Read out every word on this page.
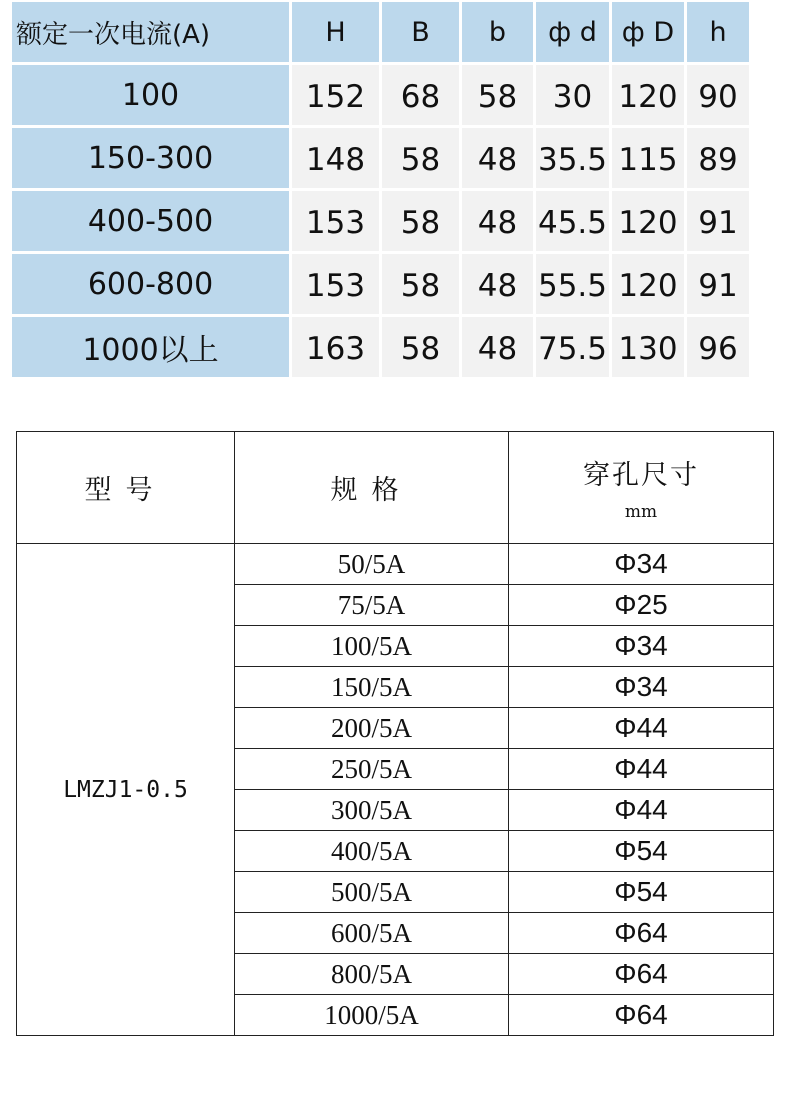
额定一次电流(A)	H	B	b	ф d	ф D	h
100	152	68	58	30	120	90
150-300	148	58	48	35.5	115	89
400-500	153	58	48	45.5	120	91
600-800	153	58	48	55.5	120	91
1000以上	163	58	48	75.5	130	96
型号	规格	穿孔尺寸
mm

LMZJ1-0.5	50/5A	Φ34
	75/5A	Φ25
	100/5A	Φ34
	150/5A	Φ34
	200/5A	Φ44
	250/5A	Φ44
	300/5A	Φ44
	400/5A	Φ54
	500/5A	Φ54
	600/5A	Φ64
	800/5A	Φ64
	1000/5A	Φ64
